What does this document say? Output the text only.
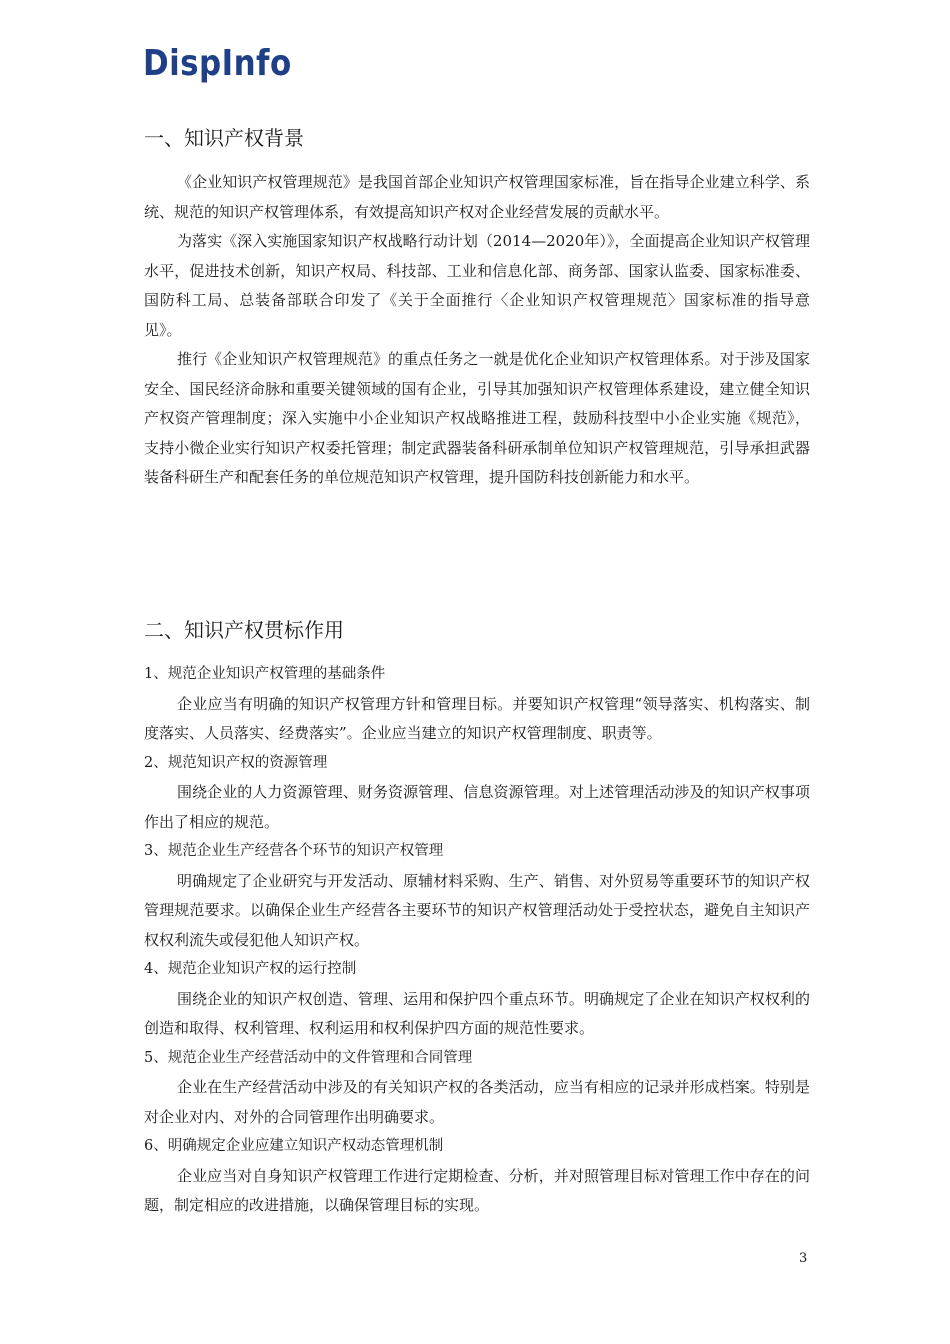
DispInfo
一、知识产权背景

《企业知识产权管理规范》是我国首部企业知识产权管理国家标准，旨在指导企业建立科学、系统、规范的知识产权管理体系，有效提高知识产权对企业经营发展的贡献水平。

为落实《深入实施国家知识产权战略行动计划（2014—2020年）》，全面提高企业知识产权管理水平，促进技术创新，知识产权局、科技部、工业和信息化部、商务部、国家认监委、国家标准委、国防科工局、总装备部联合印发了《关于全面推行〈企业知识产权管理规范〉国家标准的指导意见》。

推行《企业知识产权管理规范》的重点任务之一就是优化企业知识产权管理体系。对于涉及国家安全、国民经济命脉和重要关键领域的国有企业，引导其加强知识产权管理体系建设，建立健全知识产权资产管理制度；深入实施中小企业知识产权战略推进工程，鼓励科技型中小企业实施《规范》，支持小微企业实行知识产权委托管理；制定武器装备科研承制单位知识产权管理规范，引导承担武器装备科研生产和配套任务的单位规范知识产权管理，提升国防科技创新能力和水平。

二、知识产权贯标作用

1、规范企业知识产权管理的基础条件

企业应当有明确的知识产权管理方针和管理目标。并要知识产权管理“领导落实、机构落实、制度落实、人员落实、经费落实”。企业应当建立的知识产权管理制度、职责等。

2、规范知识产权的资源管理

围绕企业的人力资源管理、财务资源管理、信息资源管理。对上述管理活动涉及的知识产权事项作出了相应的规范。

3、规范企业生产经营各个环节的知识产权管理

明确规定了企业研究与开发活动、原辅材料采购、生产、销售、对外贸易等重要环节的知识产权管理规范要求。以确保企业生产经营各主要环节的知识产权管理活动处于受控状态，避免自主知识产权权利流失或侵犯他人知识产权。

4、规范企业知识产权的运行控制

围绕企业的知识产权创造、管理、运用和保护四个重点环节。明确规定了企业在知识产权权利的创造和取得、权利管理、权利运用和权利保护四方面的规范性要求。

5、规范企业生产经营活动中的文件管理和合同管理

企业在生产经营活动中涉及的有关知识产权的各类活动，应当有相应的记录并形成档案。特别是对企业对内、对外的合同管理作出明确要求。

6、明确规定企业应建立知识产权动态管理机制

企业应当对自身知识产权管理工作进行定期检查、分析，并对照管理目标对管理工作中存在的问题，制定相应的改进措施，以确保管理目标的实现。

3
